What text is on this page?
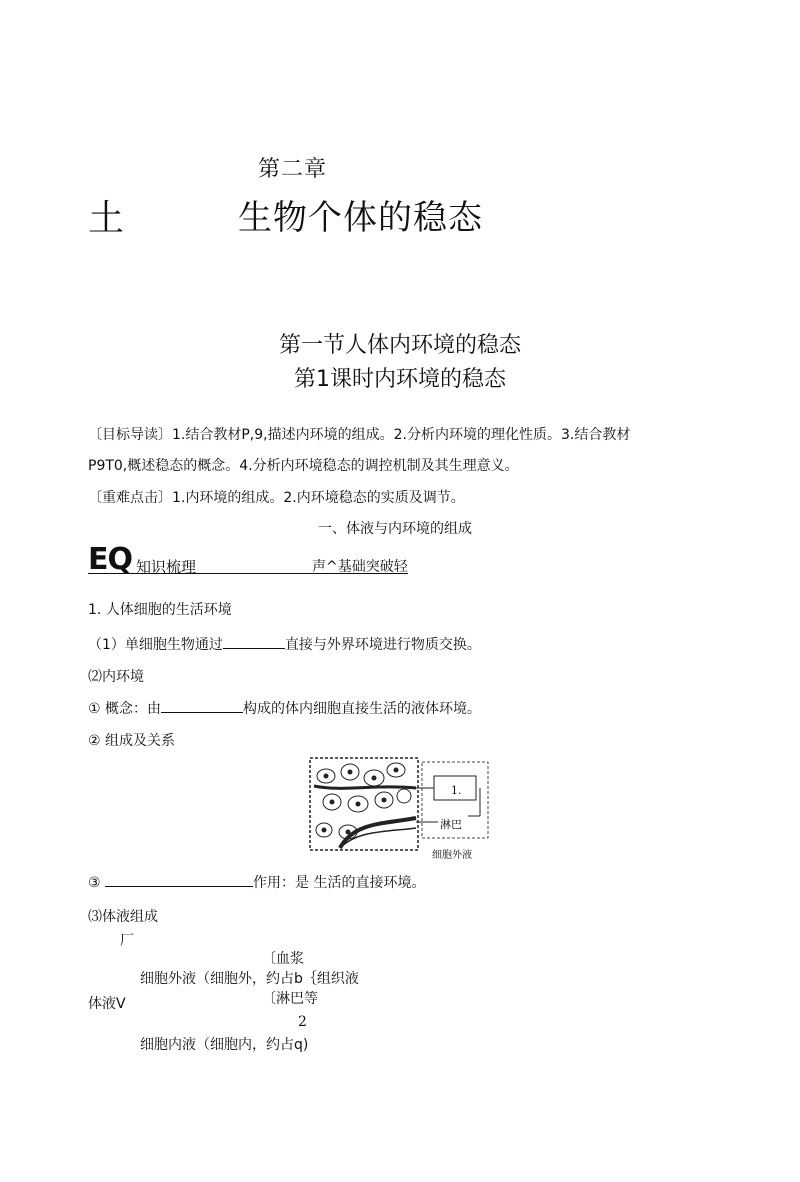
第二章
土	生物个体的稳态
第一节人体内环境的稳态
第1课时内环境的稳态
〔目标导读〕1.结合教材P,9,描述内环境的组成。2.分析内环境的理化性质。3.结合教材
P9T0,概述稳态的概念。4.分析内环境稳态的调控机制及其生理意义。
〔重难点击〕1.内环境的组成。2.内环境稳态的实质及调节。
一、体液与内环境的组成
EQ 知识梳理	声^基础突破轻
1. 人体细胞的生活环境
（1）单细胞生物通过	直接与外界环境进行物质交换。
⑵内环境
① 概念：由	构成的体内细胞直接生活的液体环境。
② 组成及关系
1.
淋巴
细胞外液
③	作用：是 生活的直接环境。
⑶体液组成
厂
〔血浆
细胞外液（细胞外，约占b｛组织液
〔淋巴等
体液V
2
细胞内液（细胞内，约占q)
